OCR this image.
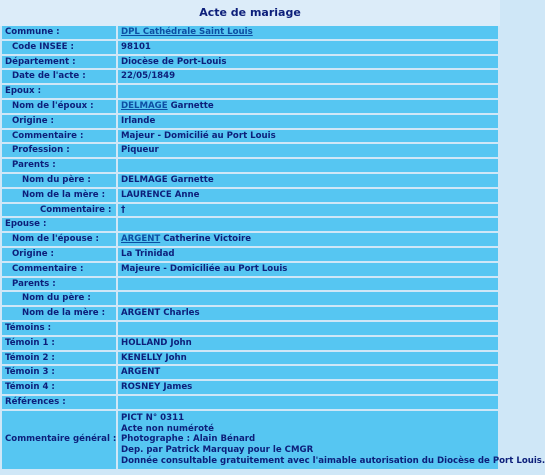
Acte de mariage
Commune :	DPL Cathédrale Saint Louis
Code INSEE :	98101
Département :	Diocèse de Port-Louis
Date de l'acte :	22/05/1849
Epoux :	
Nom de l'époux :	DELMAGE Garnette
Origine :	Irlande
Commentaire :	Majeur - Domicilié au Port Louis
Profession :	Piqueur
Parents :	
Nom du père :	DELMAGE Garnette
Nom de la mère :	LAURENCE Anne
Commentaire :	†
Epouse :	
Nom de l'épouse :	ARGENT Catherine Victoire
Origine :	La Trinidad
Commentaire :	Majeure - Domiciliée au Port Louis
Parents :	
Nom du père :	
Nom de la mère :	ARGENT Charles
Témoins :	
Témoin 1 :	HOLLAND John
Témoin 2 :	KENELLY John
Témoin 3 :	ARGENT
Témoin 4 :	ROSNEY James
Références :	
Commentaire général :	PICT N° 0311
Acte non numéroté
Photographe : Alain Bénard
Dep. par Patrick Marquay pour le CMGR
Donnée consultable gratuitement avec l'aimable autorisation du Diocèse de Port Louis.
